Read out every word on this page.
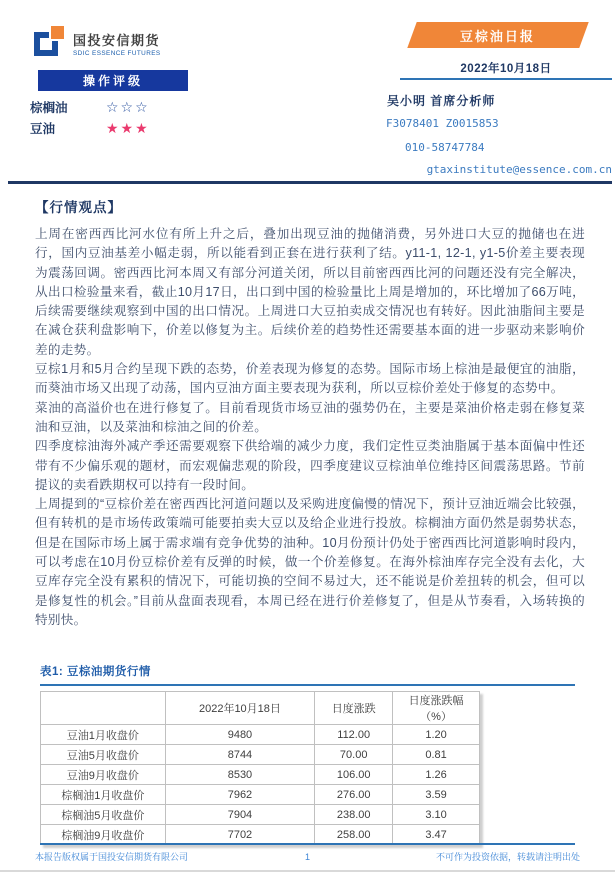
国投安信期货
SDIC ESSENCE FUTURES
操作评级
棕榈油	☆☆☆
豆油	★★★
豆棕油日报
2022年10月18日
吴小明 首席分析师
F3078401 Z0015853
010-58747784
gtaxinstitute@essence.com.cn
【行情观点】

上周在密西西比河水位有所上升之后，叠加出现豆油的抛储消费，另外进口大豆的抛储也在进行，国内豆油基差小幅走弱，所以能看到正套在进行获利了结。y11-1, 12-1, y1-5价差主要表现为震荡回调。密西西比河本周又有部分河道关闭，所以目前密西西比河的问题还没有完全解决，从出口检验量来看，截止10月17日，出口到中国的检验量比上周是增加的，环比增加了66万吨，后续需要继续观察到中国的出口情况。上周进口大豆拍卖成交情况也有转好。因此油脂间主要是在减仓获利盘影响下，价差以修复为主。后续价差的趋势性还需要基本面的进一步驱动来影响价差的走势。

豆棕1月和5月合约呈现下跌的态势，价差表现为修复的态势。国际市场上棕油是最便宜的油脂，而葵油市场又出现了动荡，国内豆油方面主要表现为获利，所以豆棕价差处于修复的态势中。

菜油的高溢价也在进行修复了。目前看现货市场豆油的强势仍在，主要是菜油价格走弱在修复菜油和豆油，以及菜油和棕油之间的价差。

四季度棕油海外减产季还需要观察下供给端的减少力度，我们定性豆类油脂属于基本面偏中性还带有不少偏乐观的题材，而宏观偏悲观的阶段，四季度建议豆棕油单位维持区间震荡思路。节前提议的卖看跌期权可以持有一段时间。

上周提到的“豆棕价差在密西西比河道问题以及采购进度偏慢的情况下，预计豆油近端会比较强，但有转机的是市场传政策端可能要拍卖大豆以及给企业进行投放。棕榈油方面仍然是弱势状态，但是在国际市场上属于需求端有竞争优势的油种。10月份预计仍处于密西西比河道影响时段内，可以考虑在10月份豆棕价差有反弹的时候，做一个价差修复。在海外棕油库存完全没有去化，大豆库存完全没有累积的情况下，可能切换的空间不易过大，还不能说是价差扭转的机会，但可以是修复性的机会。”目前从盘面表现看，本周已经在进行价差修复了，但是从节奏看，入场转换的特别快。

表1: 豆棕油期货行情
	2022年10月18日	日度涨跌	日度涨跌幅（%）
豆油1月收盘价	9480	112.00	1.20
豆油5月收盘价	8744	70.00	0.81
豆油9月收盘价	8530	106.00	1.26
棕榈油1月收盘价	7962	276.00	3.59
棕榈油5月收盘价	7904	238.00	3.10
棕榈油9月收盘价	7702	258.00	3.47
本报告版权属于国投安信期货有限公司	1	不可作为投资依据，转载请注明出处
